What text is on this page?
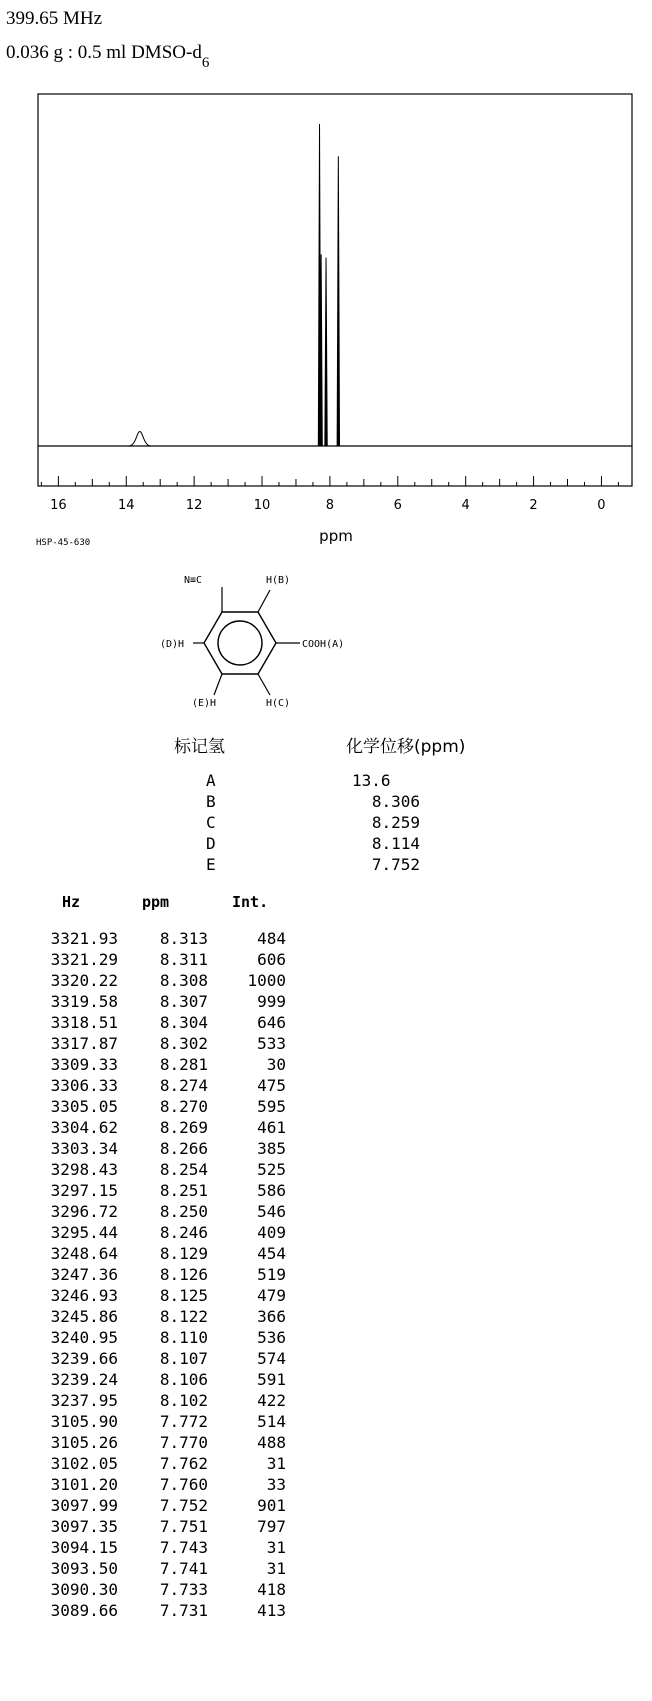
399.65 MHz
0.036 g : 0.5 ml DMSO-$d_6$
16	14	12	10	8	6	4	2	0
ppm
HSP-45-630
N≡C	H(B)
(D)H	COOH(A)
(E)H	H(C)
标记氢	化学位移(ppm)
A	13.6
B	8.306
C	8.259
D	8.114
E	7.752
Hz	ppm	Int.
3321.93	8.313	484
3321.29	8.311	606
3320.22	8.308	1000
3319.58	8.307	999
3318.51	8.304	646
3317.87	8.302	533
3309.33	8.281	30
3306.33	8.274	475
3305.05	8.270	595
3304.62	8.269	461
3303.34	8.266	385
3298.43	8.254	525
3297.15	8.251	586
3296.72	8.250	546
3295.44	8.246	409
3248.64	8.129	454
3247.36	8.126	519
3246.93	8.125	479
3245.86	8.122	366
3240.95	8.110	536
3239.66	8.107	574
3239.24	8.106	591
3237.95	8.102	422
3105.90	7.772	514
3105.26	7.770	488
3102.05	7.762	31
3101.20	7.760	33
3097.99	7.752	901
3097.35	7.751	797
3094.15	7.743	31
3093.50	7.741	31
3090.30	7.733	418
3089.66	7.731	413
